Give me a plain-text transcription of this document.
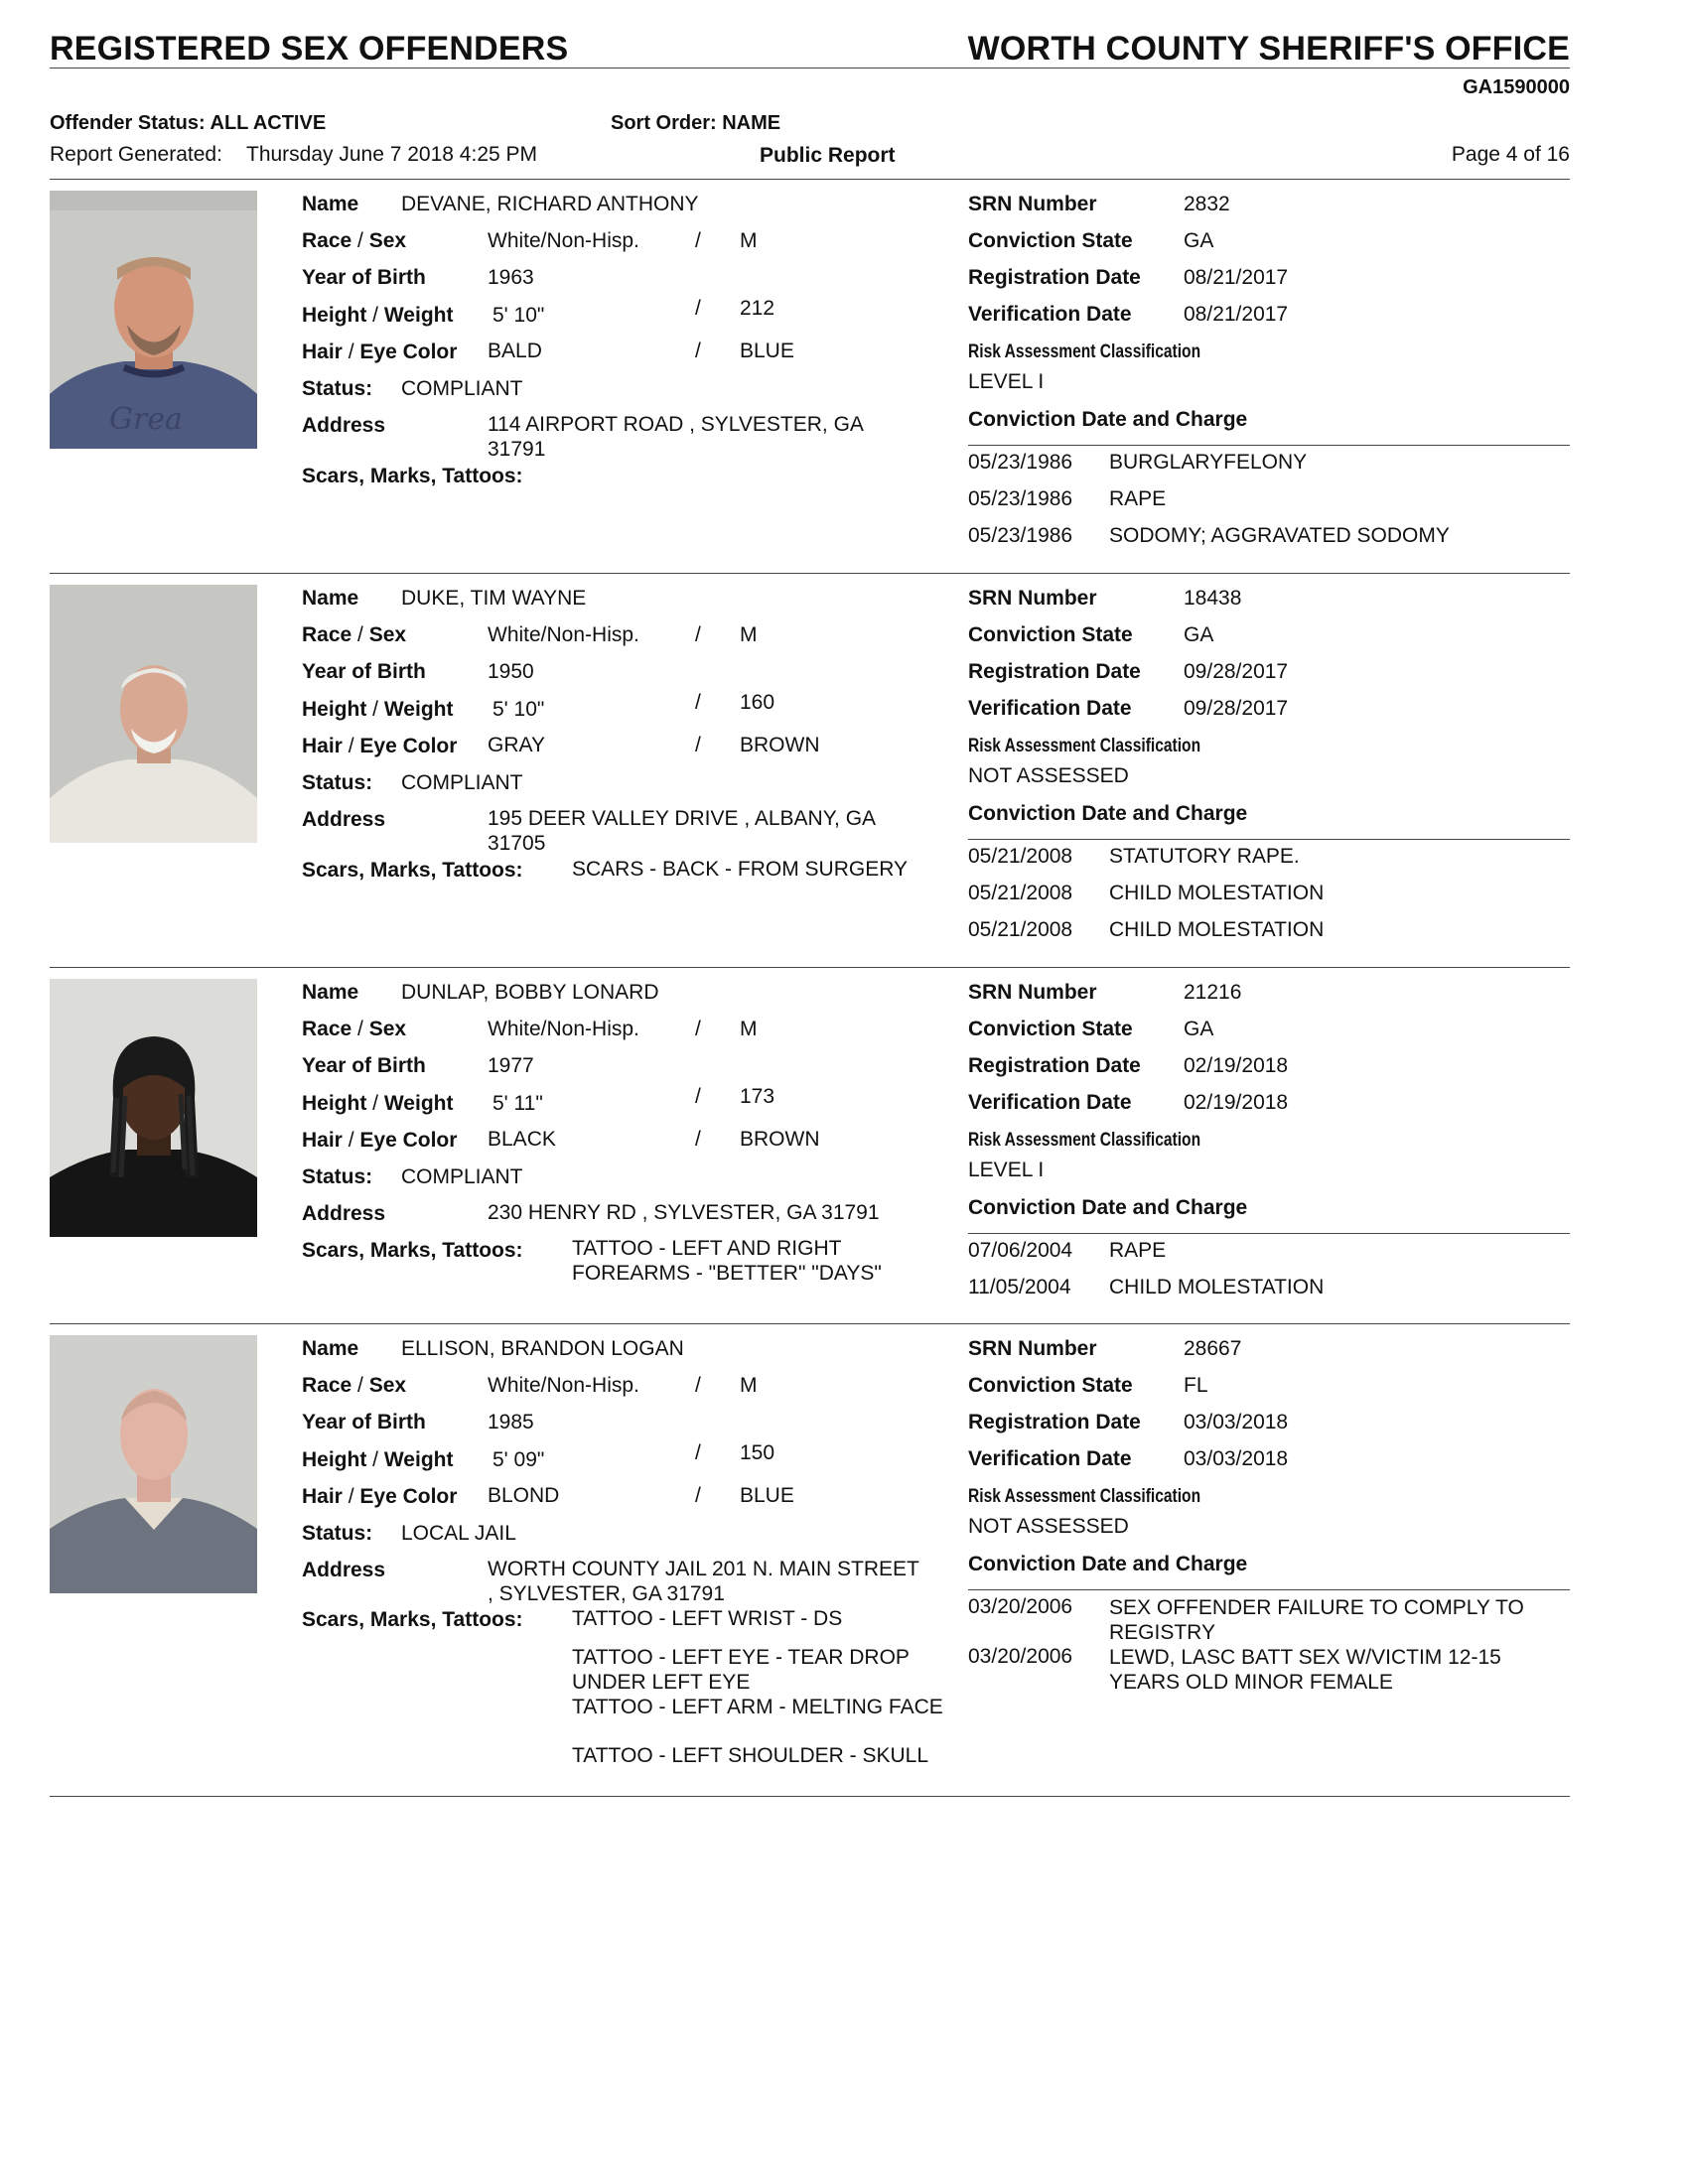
REGISTERED SEX OFFENDERS	WORTH COUNTY SHERIFF'S OFFICE
GA1590000
Offender Status: ALL ACTIVE	Sort Order: NAME
Report Generated: Thursday June 7 2018 4:25 PM	Public Report	Page 4 of 16
Grea
Name DEVANE, RICHARD ANTHONY
Race / Sex	White/Non-Hisp.	/ M
Year of Birth	1963
Height / Weight 5' 10"	/ 212
Hair / Eye Color BALD	/ BLUE
Status: COMPLIANT
Address	114 AIRPORT ROAD , SYLVESTER, GA
31791
Scars, Marks, Tattoos:
SRN Number	2832
Conviction State GA
Registration Date 08/21/2017
Verification Date 08/21/2017
Risk Assessment Classification
LEVEL I
Conviction Date and Charge
05/23/1986 BURGLARYFELONY
05/23/1986 RAPE
05/23/1986 SODOMY; AGGRAVATED SODOMY
Name DUKE, TIM WAYNE
Race / Sex	White/Non-Hisp.	/ M
Year of Birth	1950
Height / Weight 5' 10"	/ 160
Hair / Eye Color GRAY	/ BROWN
Status: COMPLIANT
Address	195 DEER VALLEY DRIVE , ALBANY, GA
31705
Scars, Marks, Tattoos: SCARS - BACK - FROM SURGERY
SRN Number	18438
Conviction State GA
Registration Date 09/28/2017
Verification Date 09/28/2017
Risk Assessment Classification
NOT ASSESSED
Conviction Date and Charge
05/21/2008 STATUTORY RAPE.
05/21/2008 CHILD MOLESTATION
05/21/2008 CHILD MOLESTATION
Name DUNLAP, BOBBY LONARD
Race / Sex	White/Non-Hisp.	/ M
Year of Birth	1977
Height / Weight 5' 11"	/ 173
Hair / Eye Color BLACK	/ BROWN
Status: COMPLIANT
Address	230 HENRY RD , SYLVESTER, GA 31791
Scars, Marks, Tattoos: TATTOO - LEFT AND RIGHT FOREARMS - "BETTER" "DAYS"
SRN Number	21216
Conviction State GA
Registration Date 02/19/2018
Verification Date 02/19/2018
Risk Assessment Classification
LEVEL I
Conviction Date and Charge
07/06/2004 RAPE
11/05/2004 CHILD MOLESTATION
Name ELLISON, BRANDON LOGAN
Race / Sex	White/Non-Hisp.	/ M
Year of Birth	1985
Height / Weight 5' 09"	/ 150
Hair / Eye Color BLOND	/ BLUE
Status: LOCAL JAIL
Address	WORTH COUNTY JAIL 201 N. MAIN STREET
, SYLVESTER, GA 31791
Scars, Marks, Tattoos: TATTOO - LEFT WRIST - DS
TATTOO - LEFT EYE - TEAR DROP UNDER LEFT EYE
TATTOO - LEFT ARM - MELTING FACE
TATTOO - LEFT SHOULDER - SKULL
SRN Number	28667
Conviction State FL
Registration Date 03/03/2018
Verification Date 03/03/2018
Risk Assessment Classification
NOT ASSESSED
Conviction Date and Charge
03/20/2006 SEX OFFENDER FAILURE TO COMPLY TO REGISTRY
03/20/2006 LEWD, LASC BATT SEX W/VICTIM 12-15 YEARS OLD MINOR FEMALE
